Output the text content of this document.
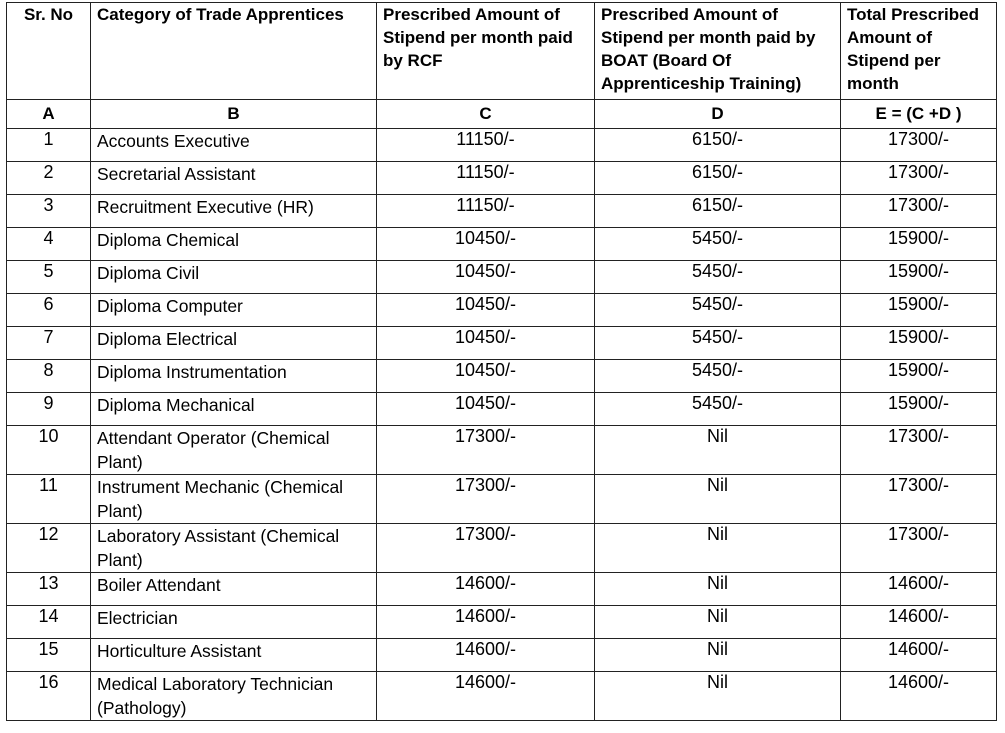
Sr. No	Category of Trade Apprentices	Prescribed Amount of Stipend per month paid by RCF	Prescribed Amount of Stipend per month paid by BOAT (Board Of Apprenticeship Training)	Total Prescribed Amount of Stipend per month
A	B	C	D	E = (C +D )
1	Accounts Executive	11150/-	6150/-	17300/-
2	Secretarial Assistant	11150/-	6150/-	17300/-
3	Recruitment Executive (HR)	11150/-	6150/-	17300/-
4	Diploma Chemical	10450/-	5450/-	15900/-
5	Diploma Civil	10450/-	5450/-	15900/-
6	Diploma Computer	10450/-	5450/-	15900/-
7	Diploma Electrical	10450/-	5450/-	15900/-
8	Diploma Instrumentation	10450/-	5450/-	15900/-
9	Diploma Mechanical	10450/-	5450/-	15900/-
10	Attendant Operator (Chemical Plant)	17300/-	Nil	17300/-
11	Instrument Mechanic (Chemical Plant)	17300/-	Nil	17300/-
12	Laboratory Assistant (Chemical Plant)	17300/-	Nil	17300/-
13	Boiler Attendant	14600/-	Nil	14600/-
14	Electrician	14600/-	Nil	14600/-
15	Horticulture Assistant	14600/-	Nil	14600/-
16	Medical Laboratory Technician (Pathology)	14600/-	Nil	14600/-
